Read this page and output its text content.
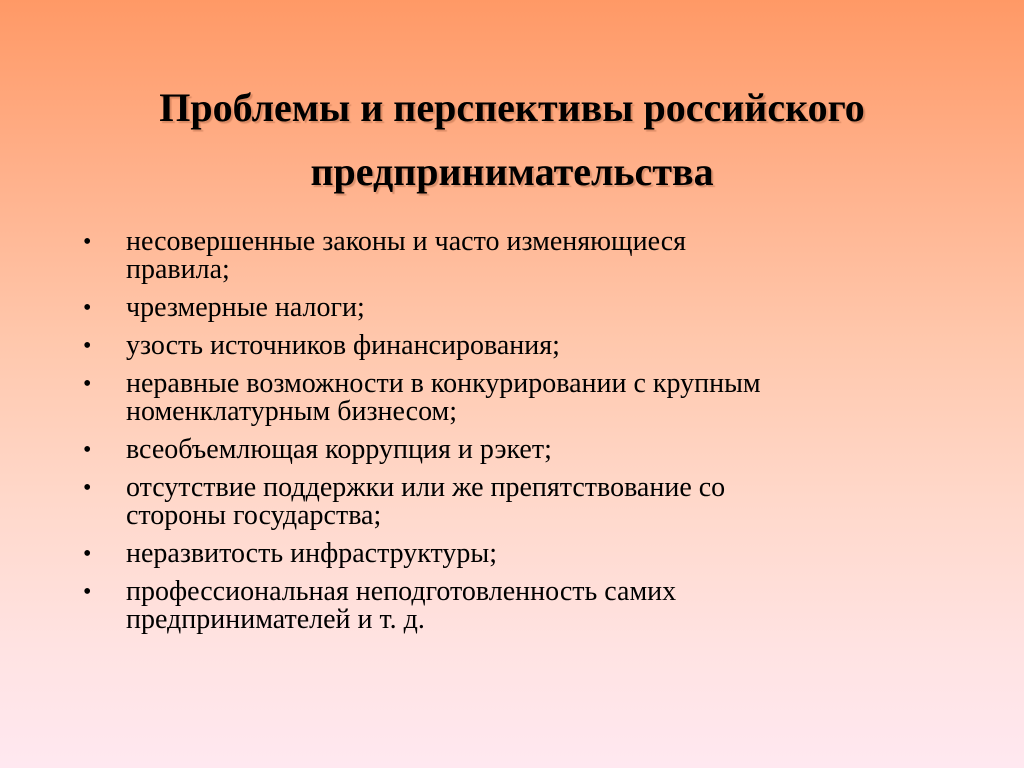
Проблемы и перспективы российского
предпринимательства
•	несовершенные законы и часто изменяющиеся
правила;
•	чрезмерные налоги;
•	узость источников финансирования;
•	неравные возможности в конкурировании с крупным
номенклатурным бизнесом;
•	всеобъемлющая коррупция и рэкет;
•	отсутствие поддержки или же препятствование со
стороны государства;
•	неразвитость инфраструктуры;
•	профессиональная неподготовленность самих
предпринимателей и т. д.
